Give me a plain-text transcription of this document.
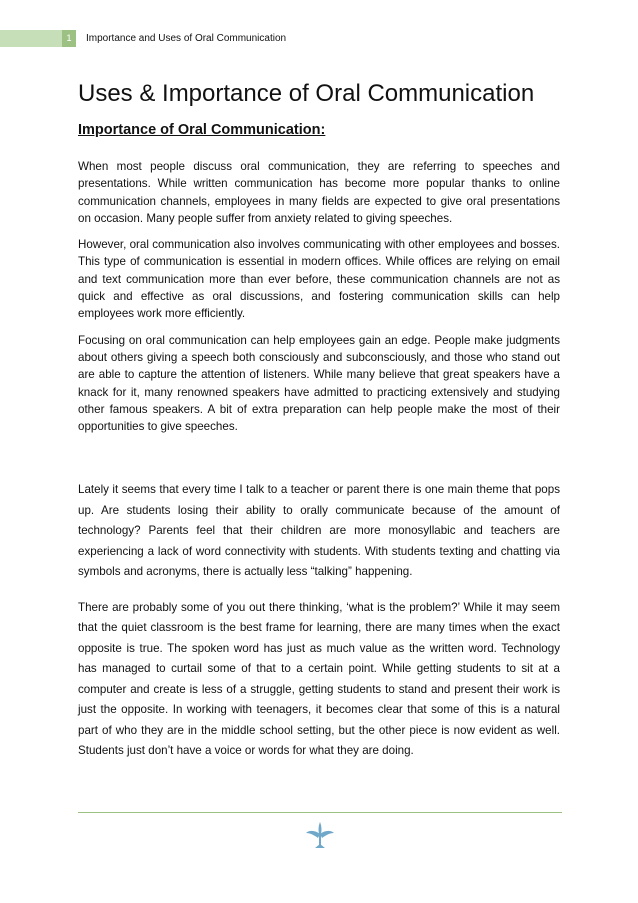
1	Importance and Uses of Oral Communication
Uses & Importance of Oral Communication
Importance of Oral Communication:

When most people discuss oral communication, they are referring to speeches and presentations. While written communication has become more popular thanks to online communication channels, employees in many fields are expected to give oral presentations on occasion. Many people suffer from anxiety related to giving speeches.

However, oral communication also involves communicating with other employees and bosses. This type of communication is essential in modern offices. While offices are relying on email and text communication more than ever before, these communication channels are not as quick and effective as oral discussions, and fostering communication skills can help employees work more efficiently.

Focusing on oral communication can help employees gain an edge. People make judgments about others giving a speech both consciously and subconsciously, and those who stand out are able to capture the attention of listeners. While many believe that great speakers have a knack for it, many renowned speakers have admitted to practicing extensively and studying other famous speakers. A bit of extra preparation can help people make the most of their opportunities to give speeches.

Lately it seems that every time I talk to a teacher or parent there is one main theme that pops up. Are students losing their ability to orally communicate because of the amount of technology? Parents feel that their children are more monosyllabic and teachers are experiencing a lack of word connectivity with students. With students texting and chatting via symbols and acronyms, there is actually less “talking” happening.

There are probably some of you out there thinking, ‘what is the problem?’ While it may seem that the quiet classroom is the best frame for learning, there are many times when the exact opposite is true. The spoken word has just as much value as the written word. Technology has managed to curtail some of that to a certain point. While getting students to sit at a computer and create is less of a struggle, getting students to stand and present their work is just the opposite. In working with teenagers, it becomes clear that some of this is a natural part of who they are in the middle school setting, but the other piece is now evident as well. Students just don’t have a voice or words for what they are doing.
